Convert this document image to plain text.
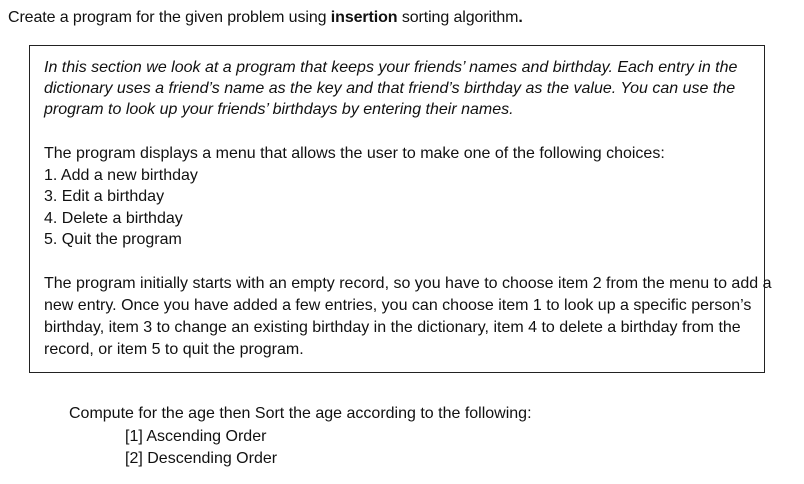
Create a program for the given problem using insertion sorting algorithm.
In this section we look at a program that keeps your friends’ names and birthday. Each entry in the
dictionary uses a friend’s name as the key and that friend’s birthday as the value. You can use the
program to look up your friends’ birthdays by entering their names.
The program displays a menu that allows the user to make one of the following choices:
1. Add a new birthday
3. Edit a birthday
4. Delete a birthday
5. Quit the program
The program initially starts with an empty record, so you have to choose item 2 from the menu to add a
new entry. Once you have added a few entries, you can choose item 1 to look up a specific person’s
birthday, item 3 to change an existing birthday in the dictionary, item 4 to delete a birthday from the
record, or item 5 to quit the program.
Compute for the age then Sort the age according to the following:
[1] Ascending Order
[2] Descending Order
